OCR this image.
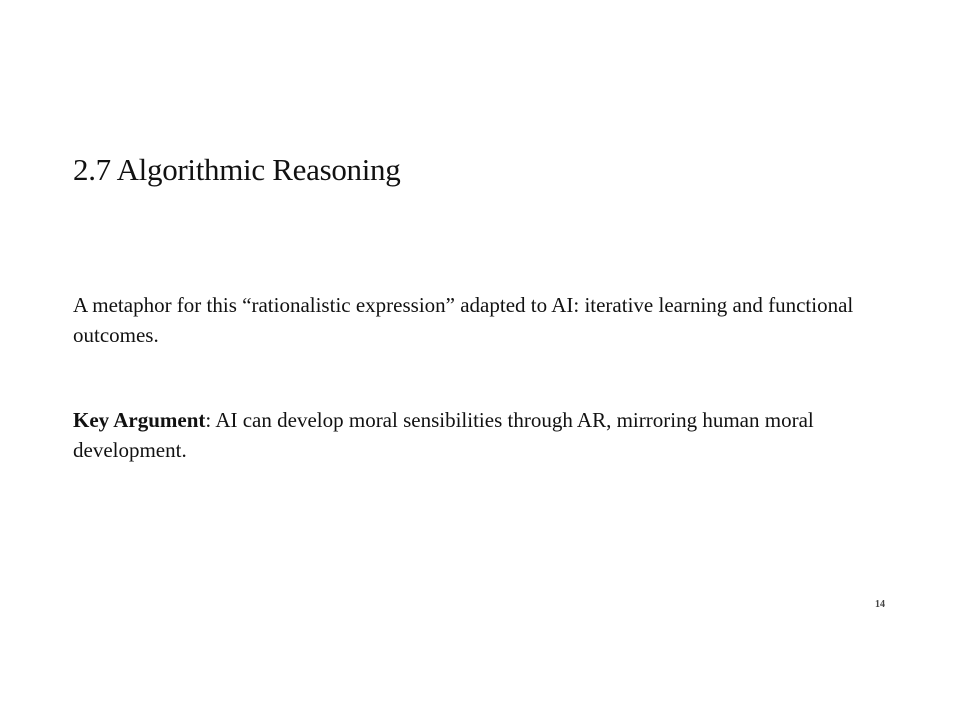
2.7 Algorithmic Reasoning

A metaphor for this “rationalistic expression” adapted to AI: iterative learning and functional outcomes.

Key Argument: AI can develop moral sensibilities through AR, mirroring human moral development.

14
